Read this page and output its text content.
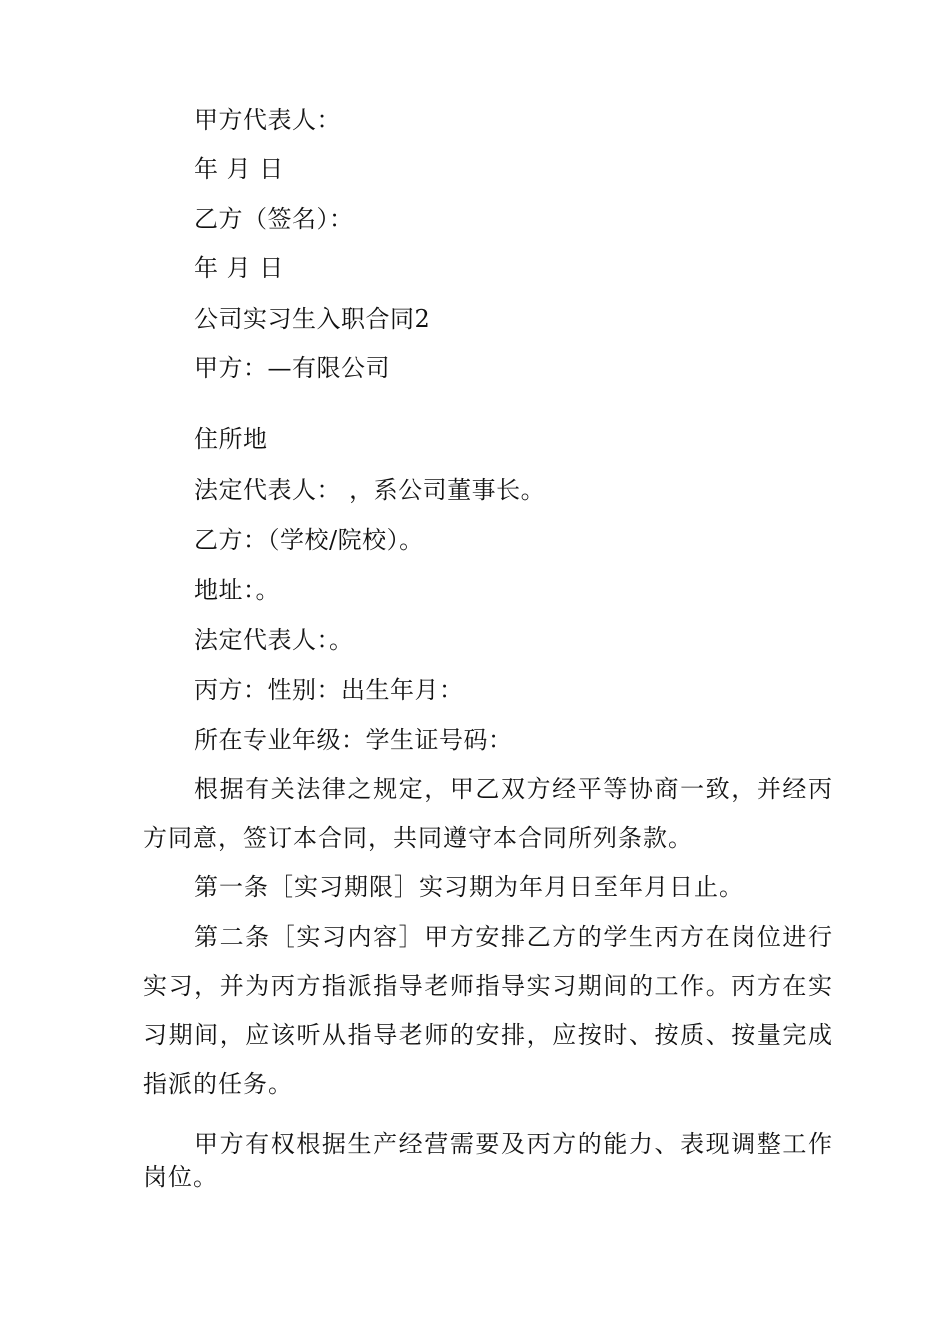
甲方代表人：
年 月 日
乙方（签名）：
年 月 日
公司实习生入职合同2
甲方：—有限公司
住所地
法定代表人： ，系公司董事长。
乙方：（学校/院校）。
地址：。
法定代表人：。
丙方：性别：出生年月：
所在专业年级：学生证号码：
根据有关法律之规定，甲乙双方经平等协商一致，并经丙方同意，签订本合同，共同遵守本合同所列条款。
第一条［实习期限］实习期为年月日至年月日止。
第二条［实习内容］甲方安排乙方的学生丙方在岗位进行实习，并为丙方指派指导老师指导实习期间的工作。丙方在实习期间，应该听从指导老师的安排，应按时、按质、按量完成指派的任务。
甲方有权根据生产经营需要及丙方的能力、表现调整工作岗位。
